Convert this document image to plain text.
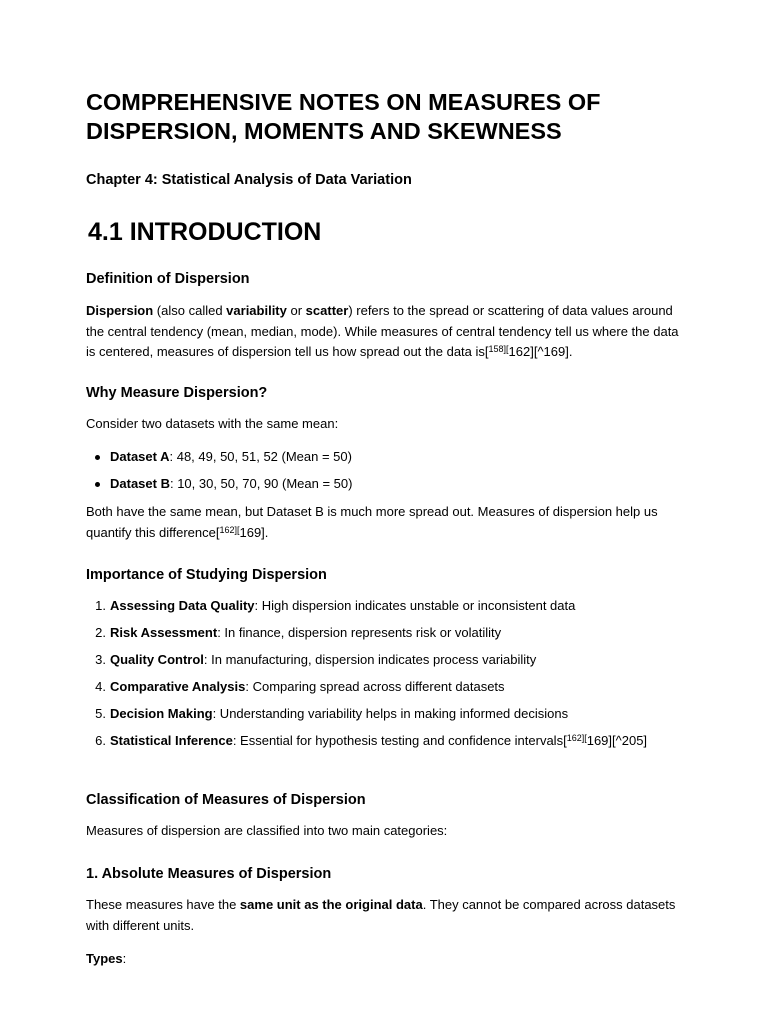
COMPREHENSIVE NOTES ON MEASURES OF DISPERSION, MOMENTS AND SKEWNESS

Chapter 4: Statistical Analysis of Data Variation

4.1 INTRODUCTION
Definition of Dispersion

Dispersion (also called variability or scatter) refers to the spread or scattering of data values around the central tendency (mean, median, mode). While measures of central tendency tell us where the data is centered, measures of dispersion tell us how spread out the data is[$^{158][}$162][^169].

Why Measure Dispersion?

Consider two datasets with the same mean:

Dataset A: 48, 49, 50, 51, 52 (Mean = 50)
Dataset B: 10, 30, 50, 70, 90 (Mean = 50)

Both have the same mean, but Dataset B is much more spread out. Measures of dispersion help us quantify this difference[$^{162][}$169].

Importance of Studying Dispersion
1. Assessing Data Quality: High dispersion indicates unstable or inconsistent data
2. Risk Assessment: In finance, dispersion represents risk or volatility
3. Quality Control: In manufacturing, dispersion indicates process variability
4. Comparative Analysis: Comparing spread across different datasets
5. Decision Making: Understanding variability helps in making informed decisions
6. Statistical Inference: Essential for hypothesis testing and confidence intervals[$^{162][}$169][^205]
Classification of Measures of Dispersion

Measures of dispersion are classified into two main categories:

1. Absolute Measures of Dispersion

These measures have the same unit as the original data. They cannot be compared across datasets with different units.

Types:
